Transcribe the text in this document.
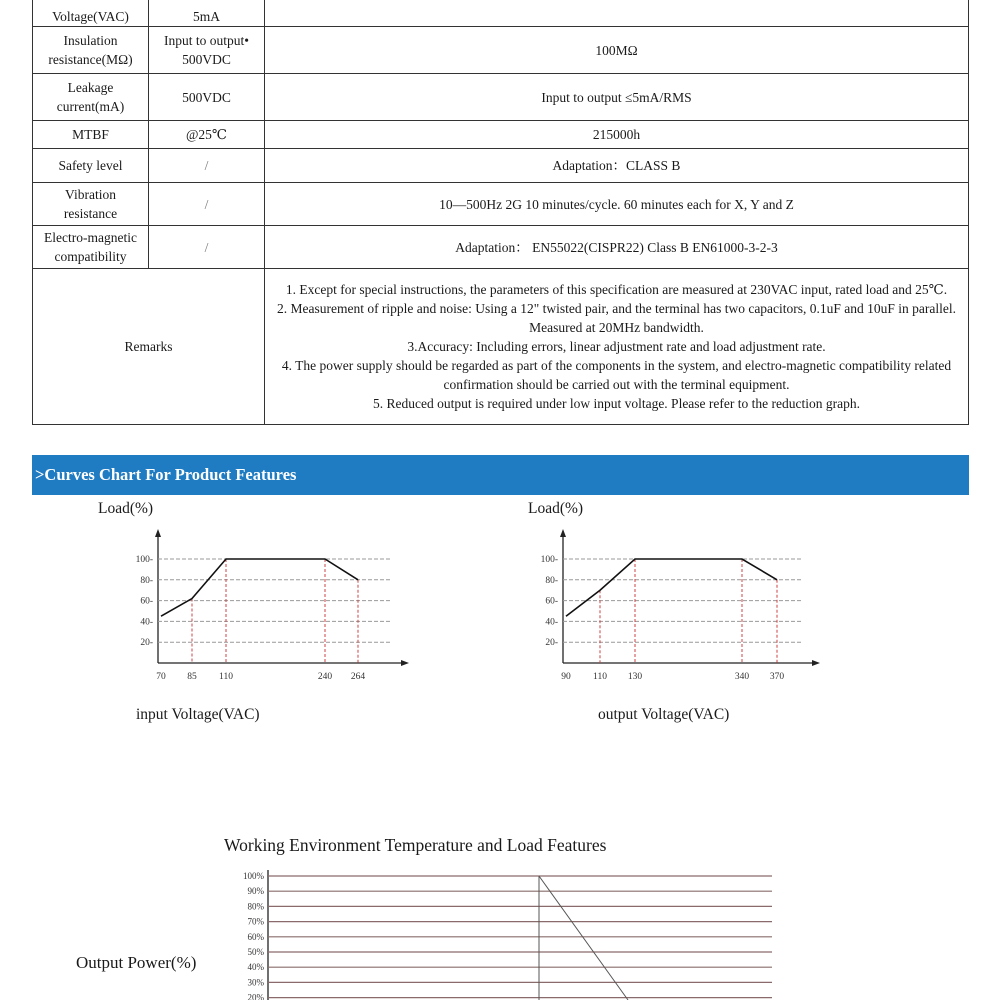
Voltage(VAC)	5mA	
Insulation resistance(MΩ)	Input to output• 500VDC	100MΩ
Leakage current(mA)	500VDC	Input to output ≤5mA/RMS
MTBF	@25℃	215000h
Safety level	/	Adaptation：CLASS B
Vibration resistance	/	10—500Hz 2G 10 minutes/cycle. 60 minutes each for X, Y and Z
Electro-magnetic compatibility	/	Adaptation： EN55022(CISPR22) Class B EN61000-3-2-3
Remarks		1. Except for special instructions, the parameters of this specification are measured at 230VAC input, rated load and 25℃.
2. Measurement of ripple and noise: Using a 12" twisted pair, and the terminal has two capacitors, 0.1uF and 10uF in parallel. Measured at 20MHz bandwidth.
3.Accuracy: Including errors, linear adjustment rate and load adjustment rate.
4. The power supply should be regarded as part of the components in the system, and electro-magnetic compatibility related confirmation should be carried out with the terminal equipment.
5. Reduced output is required under low input voltage. Please refer to the reduction graph.
>Curves Chart For Product Features
Load(%)	Load(%)
input Voltage(VAC)	output Voltage(VAC)
Working Environment Temperature and Load Features
Output Power(%)
100-
80-
60-
40-
20-
70 85 110	240 264
100-
80-
60-
40-
20-
90 110 130	340 370
100%
90%
80%
70%
60%
50%
40%
30%
20%
